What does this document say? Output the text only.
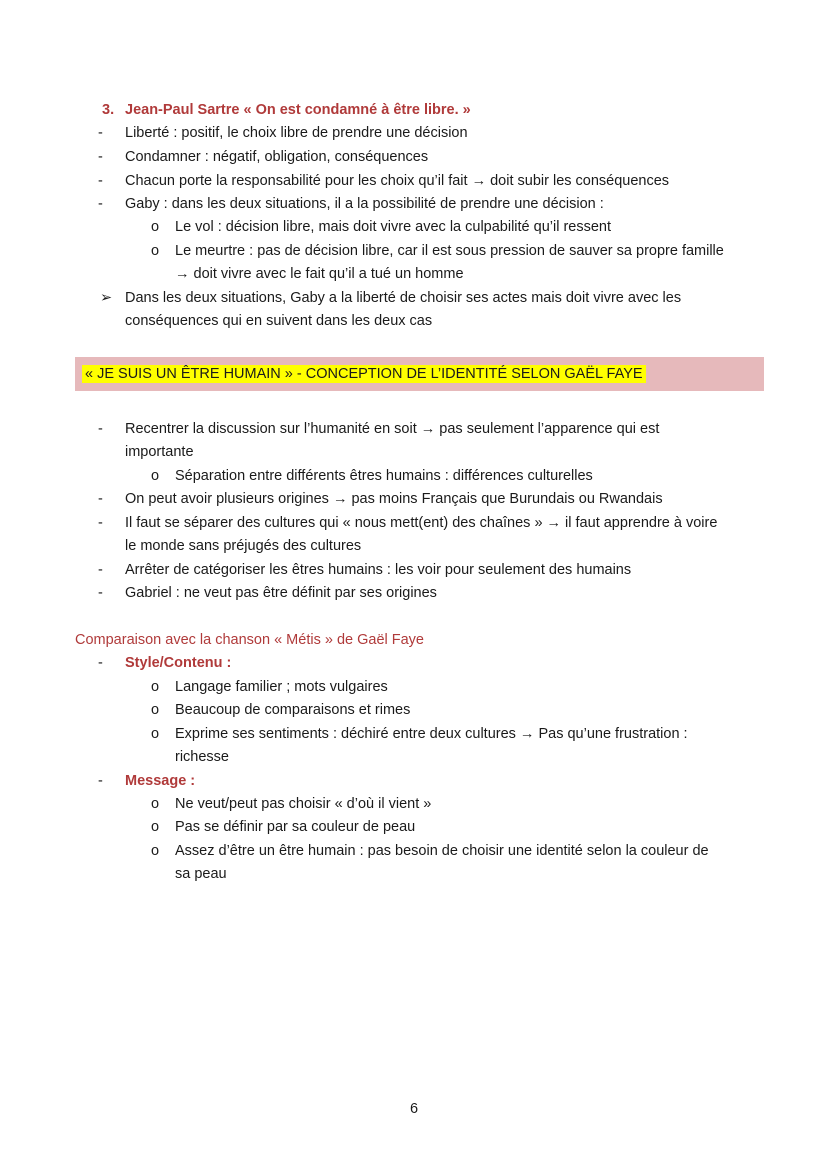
3. Jean-Paul Sartre « On est condamné à être libre. »
- Liberté : positif, le choix libre de prendre une décision
- Condamner : négatif, obligation, conséquences
- Chacun porte la responsabilité pour les choix qu’il fait → doit subir les conséquences
- Gaby : dans les deux situations, il a la possibilité de prendre une décision :
o Le vol : décision libre, mais doit vivre avec la culpabilité qu’il ressent
o Le meurtre : pas de décision libre, car il est sous pression de sauver sa propre famille
→ doit vivre avec le fait qu’il a tué un homme
➢ Dans les deux situations, Gaby a la liberté de choisir ses actes mais doit vivre avec les
conséquences qui en suivent dans les deux cas
« JE SUIS UN ÊTRE HUMAIN » - CONCEPTION DE L’IDENTITÉ SELON GAËL FAYE
- Recentrer la discussion sur l’humanité en soit → pas seulement l’apparence qui est
importante
o Séparation entre différents êtres humains : différences culturelles
- On peut avoir plusieurs origines → pas moins Français que Burundais ou Rwandais
- Il faut se séparer des cultures qui « nous mett(ent) des chaînes » → il faut apprendre à voire
le monde sans préjugés des cultures
- Arrêter de catégoriser les êtres humains : les voir pour seulement des humains
- Gabriel : ne veut pas être définit par ses origines
Comparaison avec la chanson « Métis » de Gaël Faye
- Style/Contenu :
o Langage familier ; mots vulgaires
o Beaucoup de comparaisons et rimes
o Exprime ses sentiments : déchiré entre deux cultures → Pas qu’une frustration :
richesse
- Message :
o Ne veut/peut pas choisir « d’où il vient »
o Pas se définir par sa couleur de peau
o Assez d’être un être humain : pas besoin de choisir une identité selon la couleur de
sa peau
6
